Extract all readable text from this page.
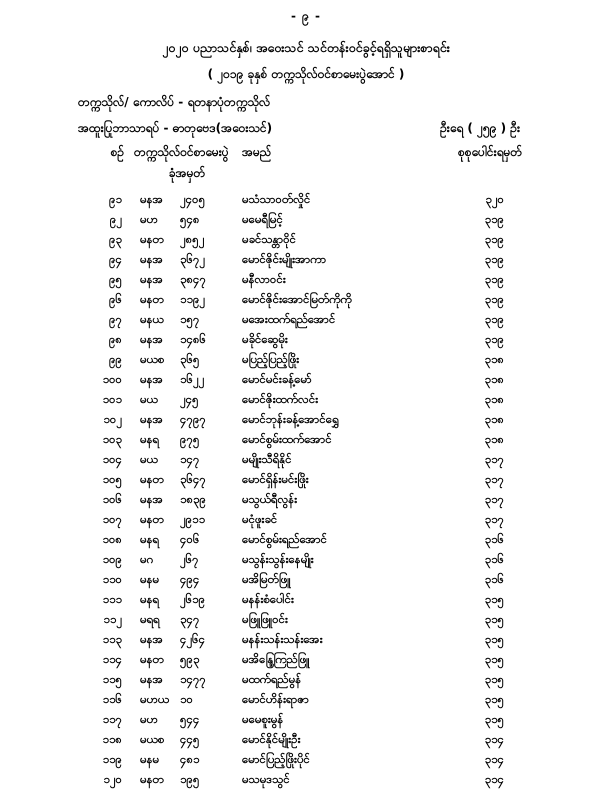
- ၉ -
၂၀၂၀ ပညာသင်နှစ်၊ အဝေးသင် သင်တန်းဝင်ခွင့်ရရှိသူများစာရင်း
( ၂၀၁၉ ခုနှစ် တက္ကသိုလ်ဝင်စာမေးပွဲအောင် )
တက္ကသိုလ်/ ကောလိပ် - ရတနာပုံတက္ကသိုလ်
အထူးပြုဘာသာရပ် - ဓာတုဗေဒ(အဝေးသင်)	ဦးရေ ( ၂၅၉ ) ဦး
စဉ် တက္ကသိုလ်ဝင်စာမေးပွဲ
ခုံအမှတ်
အမည်	စုစုပေါင်းရမှတ်
၉၁	မနအ	၂၄၀၅	မသံသာဝတ်လှိုင်	၃၂၀
၉၂	မဟ	၅၄၈	မမေရီမြင့်	၃၁၉
၉၃	မနတ	၂၈၅၂	မခင်သန္တာဝိုင်	၃၁၉
၉၄	မနအ	၃၆၇၂	မောင်ဇိုင်းမျိုးအာကာ	၃၁၉
၉၅	မနအ	၃၈၄၇	မနီလာဝင်း	၃၁၉
၉၆	မနတ	၁၁၉၂	မောင်ဇိုင်းအောင်မြတ်ကိုကို	၃၁၉
၉၇	မနယ	၁၅၇	မအေးထက်ရည်အောင်	၃၁၉
၉၈	မနအ	၁၄၈၆	မခိုင်ဆွေမိုး	၃၁၉
၉၉	မယစ	၃၆၅	မပြည့်ပြည့်ဖြိုး	၃၁၈
၁၀၀	မနအ	၁၆၂၂	မောင်မင်းခန့်မော်	၃၁၈
၁၀၁	မယ	၂၄၅	မောင်ဇိုးထက်လင်း	၃၁၈
၁၀၂	မနအ	၄၇၉၇	မောင်ဘုန်းခန့်အောင်ရွှေ	၃၁၈
၁၀၃	မနရ	၉၇၅	မောင်စွမ်းထက်အောင်	၃၁၈
၁၀၄	မယ	၁၄၇	မမျိုးသီရိနိုင်	၃၁၇
၁၀၅	မနတ	၃၆၄၇	မောင်ရှိန်းမင်းဖြိုး	၃၁၇
၁၀၆	မနအ	၁၈၃၉	မသွယ်ရီလွန်း	၃၁၇
၁၀၇	မနတ	၂၉၁၁	မငုံဖူးခင်	၃၁၇
၁၀၈	မနရ	၄၀၆	မောင်စွမ်းရည်အောင်	၃၁၆
၁၀၉	မဂ	၂၆၇	မသွန်းသွန်းနေမျိုး	၃၁၆
၁၁၀	မနမ	၄၉၄	မအိမြတ်ဖြူ	၃၁၆
၁၁၁	မနရ	၂၆၁၉	မနန်းစံပေါင်း	၃၁၅
၁၁၂	မရရ	၃၄၇	မဖြူဖြူဝင်း	၃၁၅
၁၁၃	မနအ	၄၂၆၄	မနန်းသန်းသန်းအေး	၃၁၅
၁၁၄	မနတ	၅၉၃	မအိန္ဒြေကြည်ဖြူ	၃၁၅
၁၁၅	မနအ	၁၄၇၇	မထက်ရည်မွန်	၃၁၅
၁၁၆	မဟယ ၁၀	မောင်ဟိန်းရာဇာ	၃၁၅
၁၁၇	မဟ	၅၄၄	မမေစူးမွန်	၃၁၅
၁၁၈	မယစ	၄၄၅	မောင်နိုင်မျိုးဦး	၃၁၄
၁၁၉	မနမ	၄၈၁	မောင်ပြည့်ဖြိုးပိုင်	၃၁၄
၁၂၀	မနတ	၁၉၅	မသမုဒသွင်	၃၁၄
